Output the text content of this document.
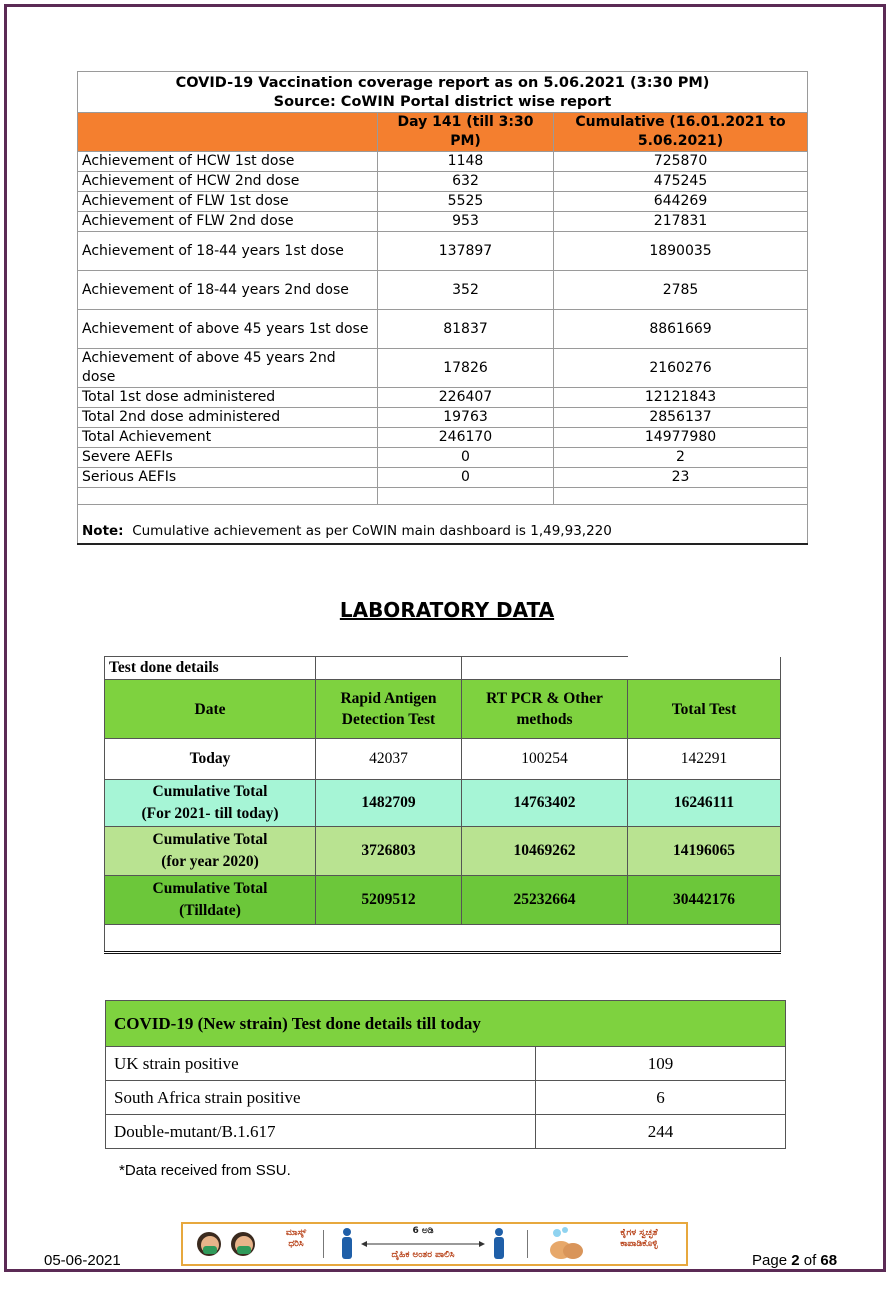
COVID-19 Vaccination coverage report as on 5.06.2021 (3:30 PM)
Source: CoWIN Portal district wise report		

	Day 141 (till 3:30 PM)	Cumulative (16.01.2021 to 5.06.2021)
Achievement of HCW 1st dose	1148	725870
Achievement of HCW 2nd dose	632	475245
Achievement of FLW 1st dose	5525	644269
Achievement of FLW 2nd dose	953	217831
Achievement of 18-44 years 1st dose	137897	1890035
Achievement of 18-44 years 2nd dose	352	2785
Achievement of above 45 years 1st dose	81837	8861669
Achievement of above 45 years 2nd dose	17826	2160276
Total 1st dose administered	226407	12121843
Total 2nd dose administered	19763	2856137
Total Achievement	246170	14977980
Severe AEFIs	0	2
Serious AEFIs	0	23

Note: Cumulative achievement as per CoWIN main dashboard is 1,49,93,220		
LABORATORY DATA
Test done details			
Date	Rapid Antigen Detection Test	RT PCR & Other methods	Total Test
Today	42037	100254	142291

Cumulative Total
(For 2021- till today)	1482709	14763402	16246111

Cumulative Total
(for year 2020)	3726803	10469262	14196065

Cumulative Total
(Tilldate)	5209512	25232664	30442176

COVID-19 (New strain) Test done details till today	
UK strain positive	109
South Africa strain positive	6
Double-mutant/B.1.617	244
*Data received from SSU.
05-06-2021
ಮಾಸ್ಕ್
ಧರಿಸಿ
6 ಅಡಿ
ದೈಹಿಕ ಅಂತರ ಪಾಲಿಸಿ
ಕೈಗಳ ಸ್ವಚ್ಛತೆ
ಕಾಪಾಡಿಕೊಳ್ಳಿ
Page 2 of 68
